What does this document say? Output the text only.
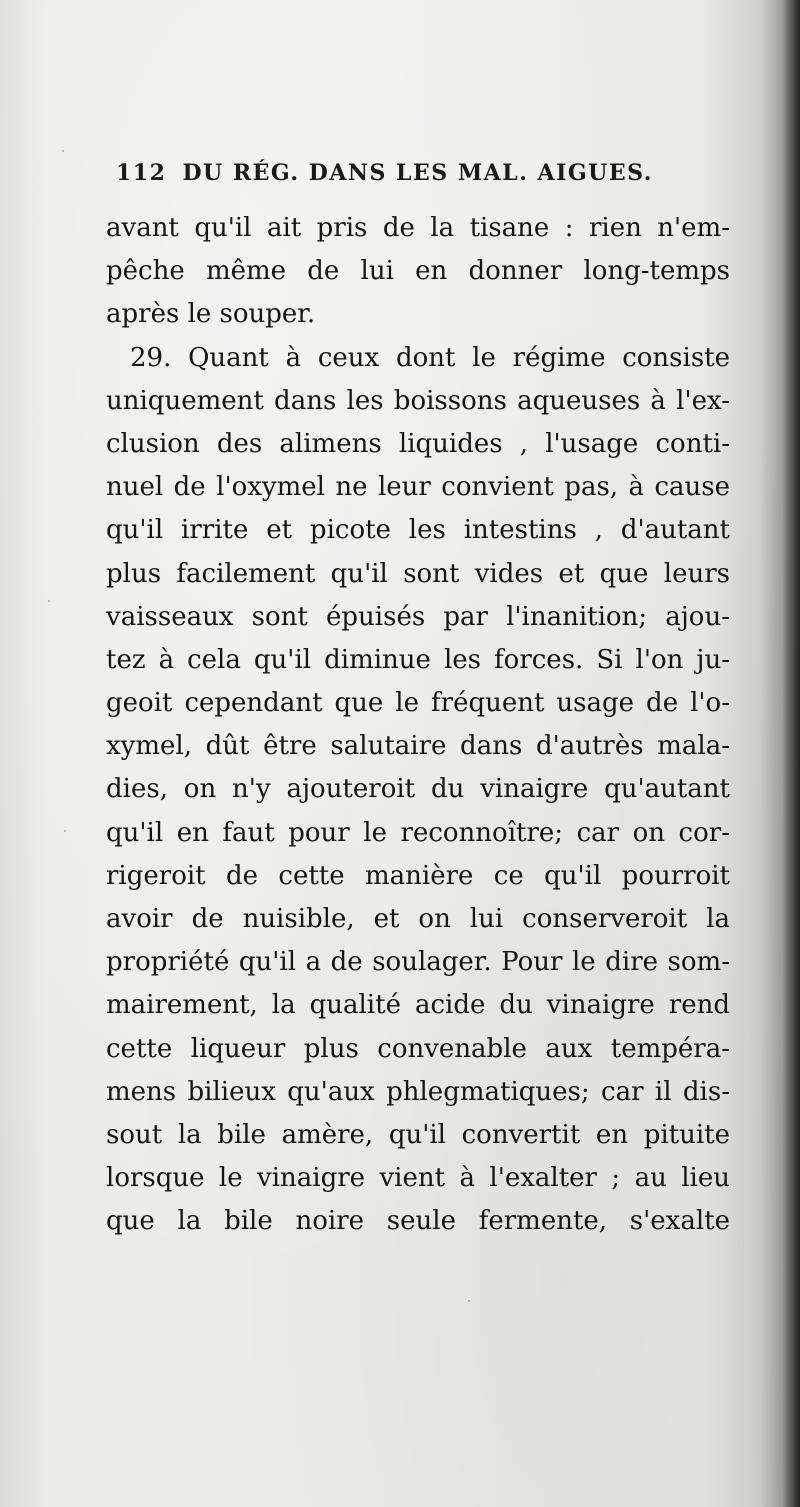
112 DU RÉG. DANS LES MAL. AIGUES.
avant qu'il ait pris de la tisane : rien n'em-
pêche même de lui en donner long-temps
après le souper.
29. Quant à ceux dont le régime consiste
uniquement dans les boissons aqueuses à l'ex-
clusion des alimens liquides , l'usage conti-
nuel de l'oxymel ne leur convient pas, à cause
qu'il irrite et picote les intestins , d'autant
plus facilement qu'il sont vides et que leurs
vaisseaux sont épuisés par l'inanition; ajou-
tez à cela qu'il diminue les forces. Si l'on ju-
geoit cependant que le fréquent usage de l'o-
xymel, dût être salutaire dans d'autrès mala-
dies, on n'y ajouteroit du vinaigre qu'autant
qu'il en faut pour le reconnoître; car on cor-
rigeroit de cette manière ce qu'il pourroit
avoir de nuisible, et on lui conserveroit la
propriété qu'il a de soulager. Pour le dire som-
mairement, la qualité acide du vinaigre rend
cette liqueur plus convenable aux tempéra-
mens bilieux qu'aux phlegmatiques; car il dis-
sout la bile amère, qu'il convertit en pituite
lorsque le vinaigre vient à l'exalter ; au lieu
que la bile noire seule fermente, s'exalte
